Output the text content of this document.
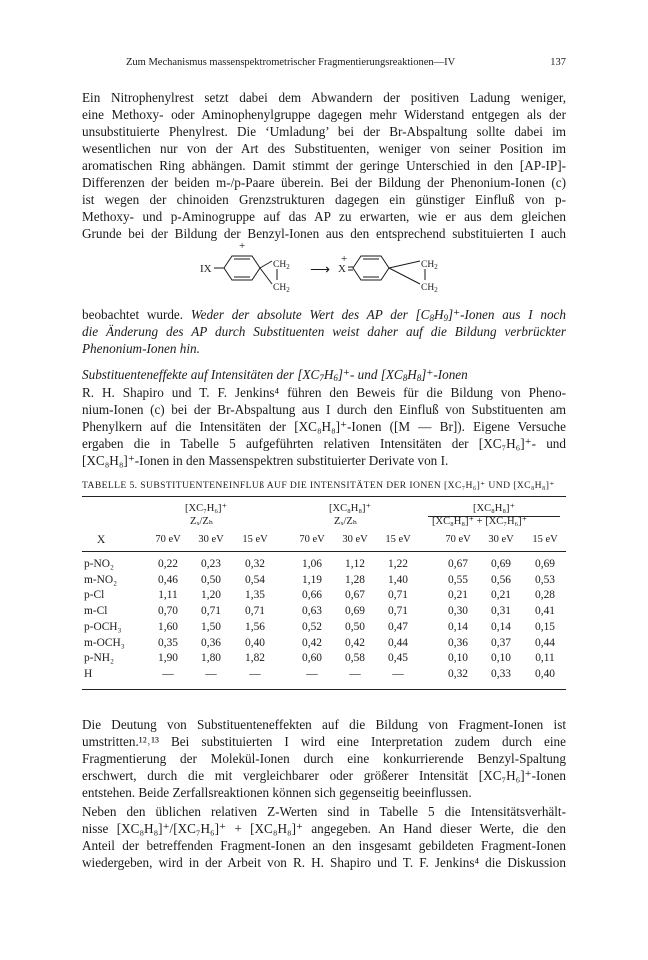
Zum Mechanismus massenspektrometrischer Fragmentierungsreaktionen—IV	137
Ein Nitrophenylrest setzt dabei dem Abwandern der positiven Ladung weniger,
eine Methoxy- oder Aminophenylgruppe dagegen mehr Widerstand entgegen als der
unsubstituierte Phenylrest. Die ‘Umladung’ bei der Br-Abspaltung sollte dabei im
wesentlichen nur von der Art des Substituenten, weniger von seiner Position im
aromatischen Ring abhängen. Damit stimmt der geringe Unterschied in den [AP-IP]-
Differenzen der beiden m-/p-Paare überein. Bei der Bildung der Phenonium-Ionen (c)
ist wegen der chinoiden Grenzstrukturen dagegen ein günstiger Einfluß von p-
Methoxy- und p-Aminogruppe auf das AP zu erwarten, wie er aus dem gleichen
Grunde bei der Bildung der Benzyl-Ionen aus den entsprechend substituierten I auch
IX
+
$CH_2$
$CH_2$
⟶ X
+	$CH_2$
$CH_2$
beobachtet wurde. Weder der absolute Wert des AP der $[C_8H_9]^+$-Ionen aus I noch
die Änderung des AP durch Substituenten weist daher auf die Bildung verbrückter
Phenonium-Ionen hin.
Substituenteneffekte auf Intensitäten der $[XC_7H_6]^+-$ und $[XC_8H_8]^+$-Ionen
R. H. Shapiro und T. F. Jenkins⁴ führen den Beweis für die Bildung von Pheno-
nium-Ionen (c) bei der Br-Abspaltung aus I durch den Einfluß von Substituenten am
Phenylkern auf die Intensitäten der [XC₈H₈]⁺-Ionen ([M — Br]). Eigene Versuche
ergaben die in Tabelle 5 aufgeführten relativen Intensitäten der [XC₇H₆]⁺- und
[XC₈H₈]⁺-Ionen in den Massenspektren substituierter Derivate von I.
TABELLE 5. SUBSTITUENTENEINFLUß AUF DIE INTENSITÄTEN DER IONEN [XC₇H₆]⁺ UND [XC₈H₈]⁺
[XC₇H₆]⁺	[XC₈H₈]⁺	[XC₈H₈]⁺
Zₓ/Zₕ	Zₓ/Zₕ	[XC₈H₈]⁺ + [XC₇H₆]⁺
X	70 eV	30 eV	15 eV	70 eV	30 eV	15 eV	70 eV	30 eV	15 eV
p-NO₂	0,22	0,23	0,32	1,06	1,12	1,22	0,67	0,69	0,69
m-NO₂	0,46	0,50	0,54	1,19	1,28	1,40	0,55	0,56	0,53
p-Cl	1,11	1,20	1,35	0,66	0,67	0,71	0,21	0,21	0,28
m-Cl	0,70	0,71	0,71	0,63	0,69	0,71	0,30	0,31	0,41
p-OCH₃	1,60	1,50	1,56	0,52	0,50	0,47	0,14	0,14	0,15
m-OCH₃	0,35	0,36	0,40	0,42	0,42	0,44	0,36	0,37	0,44
p-NH₂	1,90	1,80	1,82	0,60	0,58	0,45	0,10	0,10	0,11
H	—	—	—	—	—	—	0,32	0,33	0,40
Die Deutung von Substituenteneffekten auf die Bildung von Fragment-Ionen ist
umstritten.¹²˒¹³ Bei substituierten I wird eine Interpretation zudem durch eine
Fragmentierung der Molekül-Ionen durch eine konkurrierende Benzyl-Spaltung
erschwert, durch die mit vergleichbarer oder größerer Intensität [XC₇H₆]⁺-Ionen
entstehen. Beide Zerfallsreaktionen können sich gegenseitig beeinflussen.
Neben den üblichen relativen Z-Werten sind in Tabelle 5 die Intensitätsverhält-
nisse [XC₈H₈]⁺/[XC₇H₆]⁺ + [XC₈H₈]⁺ angegeben. An Hand dieser Werte, die den
Anteil der betreffenden Fragment-Ionen an den insgesamt gebildeten Fragment-Ionen
wiedergeben, wird in der Arbeit von R. H. Shapiro und T. F. Jenkins⁴ die Diskussion
